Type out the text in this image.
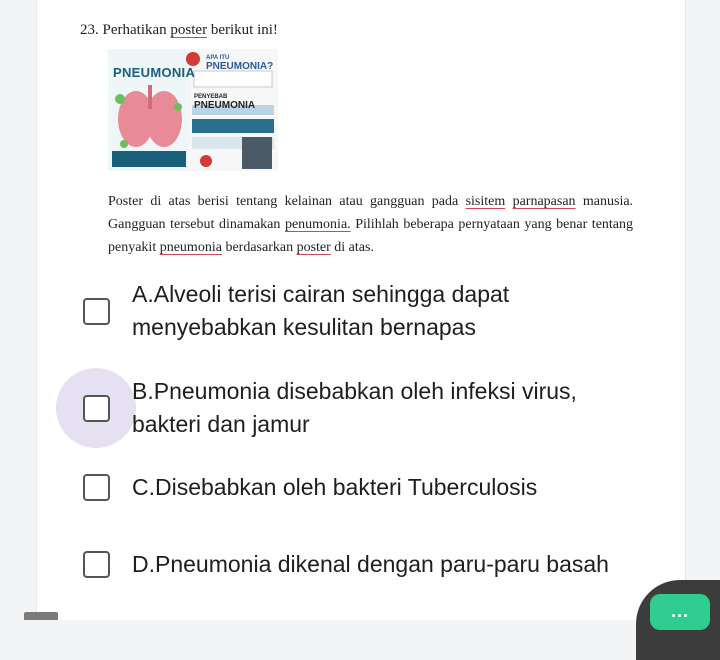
23. Perhatikan poster berikut ini!
PNEUMONIA
APA ITU
PNEUMONIA?
PENYEBAB
PNEUMONIA
Poster di atas berisi tentang kelainan atau gangguan pada sisitem parnapasan manusia. Gangguan tersebut dinamakan penumonia. Pilihlah beberapa pernyataan yang benar tentang penyakit pneumonia berdasarkan poster di atas.
A.Alveoli terisi cairan sehingga dapat menyebabkan kesulitan bernapas
B.Pneumonia disebabkan oleh infeksi virus, bakteri dan jamur
C.Disebabkan oleh bakteri Tuberculosis
D.Pneumonia dikenal dengan paru-paru basah
...
